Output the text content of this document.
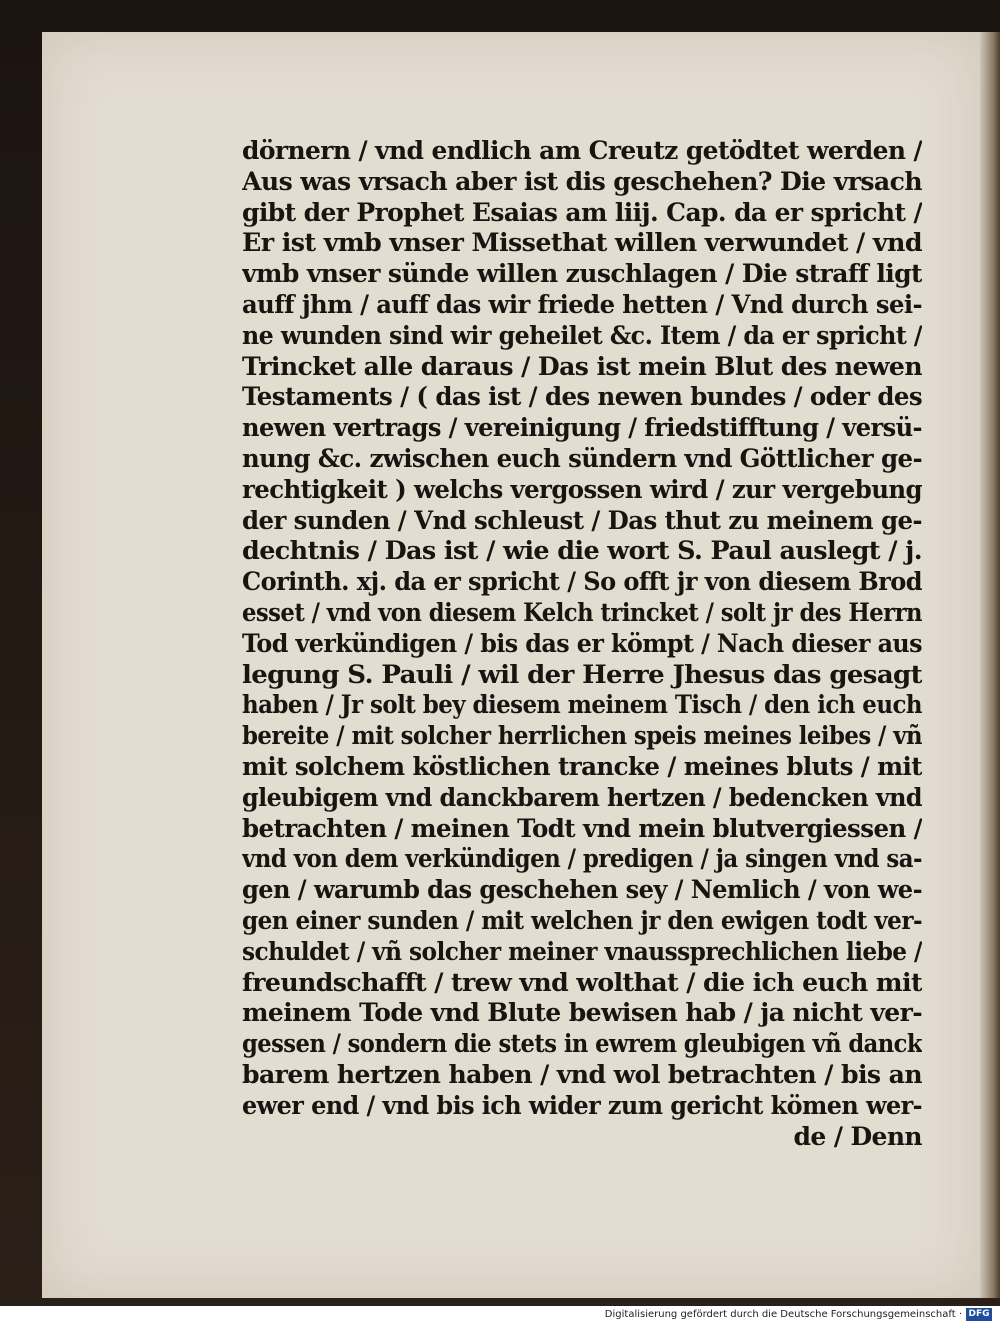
dörnern / vnd endlich am Creutz getödtet werden /
Aus was vrsach aber ist dis geschehen? Die vrsach
gibt der Prophet Esaias am liij. Cap. da er spricht /
Er ist vmb vnser Missethat willen verwundet / vnd
vmb vnser sünde willen zuschlagen / Die straff ligt
auff jhm / auff das wir friede hetten / Vnd durch sei-
ne wunden sind wir geheilet &c. Item / da er spricht /
Trincket alle daraus / Das ist mein Blut des newen
Testaments / ( das ist / des newen bundes / oder des
newen vertrags / vereinigung / friedstifftung / versü-
nung &c. zwischen euch sündern vnd Göttlicher ge-
rechtigkeit ) welchs vergossen wird / zur vergebung
der sunden / Vnd schleust / Das thut zu meinem ge-
dechtnis / Das ist / wie die wort S. Paul auslegt / j.
Corinth. xj. da er spricht / So offt jr von diesem Brod
esset / vnd von diesem Kelch trincket / solt jr des Herrn
Tod verkündigen / bis das er kömpt / Nach dieser aus
legung S. Pauli / wil der Herre Jhesus das gesagt
haben / Jr solt bey diesem meinem Tisch / den ich euch
bereite / mit solcher herrlichen speis meines leibes / vñ
mit solchem köstlichen trancke / meines bluts / mit
gleubigem vnd danckbarem hertzen / bedencken vnd
betrachten / meinen Todt vnd mein blutvergiessen /
vnd von dem verkündigen / predigen / ja singen vnd sa-
gen / warumb das geschehen sey / Nemlich / von we-
gen einer sunden / mit welchen jr den ewigen todt ver-
schuldet / vñ solcher meiner vnaussprechlichen liebe /
freundschafft / trew vnd wolthat / die ich euch mit
meinem Tode vnd Blute bewisen hab / ja nicht ver-
gessen / sondern die stets in ewrem gleubigen vñ danck
barem hertzen haben / vnd wol betrachten / bis an
ewer end / vnd bis ich wider zum gericht kömen wer-
de / Denn
Digitalisierung gefördert durch die Deutsche Forschungsgemeinschaft · DFG
